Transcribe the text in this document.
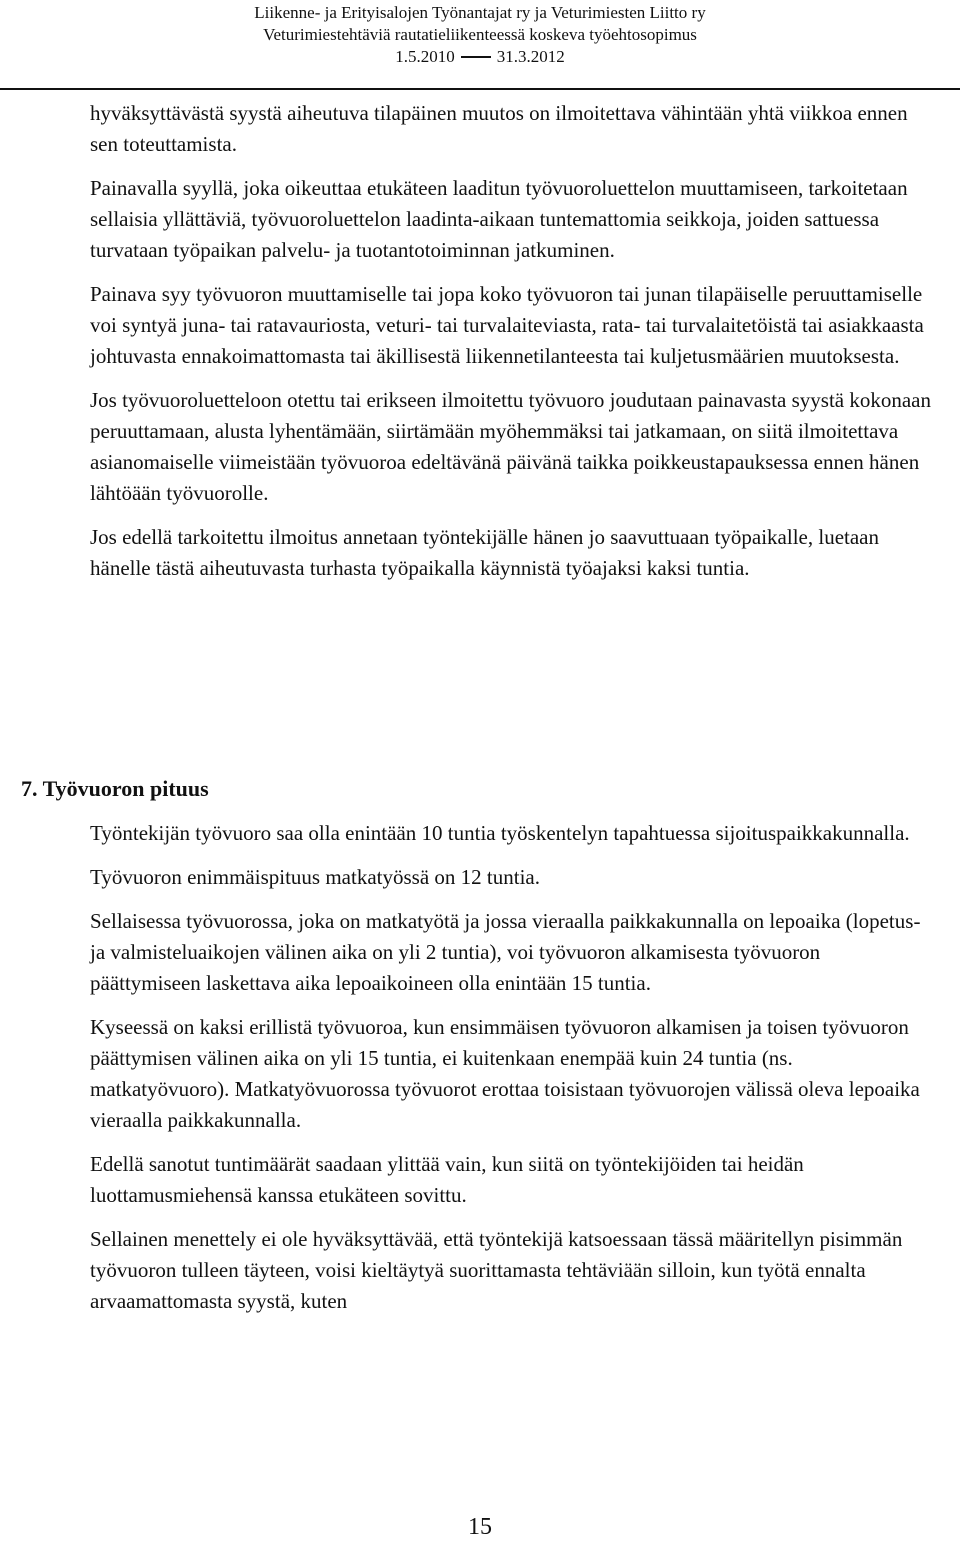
Liikenne- ja Erityisalojen Työnantajat ry ja Veturimiesten Liitto ry
Veturimiestehtäviä rautatieliikenteessä koskeva työehtosopimus
1.5.2010 31.3.2012

hyväksyttävästä syystä aiheutuva tilapäinen muutos on ilmoitettava vähintään yhtä viikkoa ennen sen toteuttamista.

Painavalla syyllä, joka oikeuttaa etukäteen laaditun työvuoroluettelon muuttamiseen, tarkoitetaan sellaisia yllättäviä, työvuoroluettelon laadinta-aikaan tuntemattomia seikkoja, joiden sattuessa turvataan työpaikan palvelu- ja tuotantotoiminnan jatkuminen.

Painava syy työvuoron muuttamiselle tai jopa koko työvuoron tai junan tilapäiselle peruuttamiselle voi syntyä juna- tai ratavauriosta, veturi- tai turvalaiteviasta, rata- tai turvalaitetöistä tai asiakkaasta johtuvasta ennakoimattomasta tai äkillisestä liikennetilanteesta tai kuljetusmäärien muutoksesta.

Jos työvuoroluetteloon otettu tai erikseen ilmoitettu työvuoro joudutaan painavasta syystä kokonaan peruuttamaan, alusta lyhentämään, siirtämään myöhemmäksi tai jatkamaan, on siitä ilmoitettava asianomaiselle viimeistään työvuoroa edeltävänä päivänä taikka poikkeustapauksessa ennen hänen lähtöään työvuorolle.

Jos edellä tarkoitettu ilmoitus annetaan työntekijälle hänen jo saavuttuaan työpaikalle, luetaan hänelle tästä aiheutuvasta turhasta työpaikalla käynnistä työajaksi kaksi tuntia.

7. Työvuoron pituus

Työntekijän työvuoro saa olla enintään 10 tuntia työskentelyn tapahtuessa sijoituspaikkakunnalla.

Työvuoron enimmäispituus matkatyössä on 12 tuntia.

Sellaisessa työvuorossa, joka on matkatyötä ja jossa vieraalla paikkakunnalla on lepoaika (lopetus- ja valmisteluaikojen välinen aika on yli 2 tuntia), voi työvuoron alkamisesta työvuoron päättymiseen laskettava aika lepoaikoineen olla enintään 15 tuntia.

Kyseessä on kaksi erillistä työvuoroa, kun ensimmäisen työvuoron alkamisen ja toisen työvuoron päättymisen välinen aika on yli 15 tuntia, ei kuitenkaan enempää kuin 24 tuntia (ns. matkatyövuoro). Matkatyövuorossa työvuorot erottaa toisistaan työvuorojen välissä oleva lepoaika vieraalla paikkakunnalla.

Edellä sanotut tuntimäärät saadaan ylittää vain, kun siitä on työntekijöiden tai heidän luottamusmiehensä kanssa etukäteen sovittu.

Sellainen menettely ei ole hyväksyttävää, että työntekijä katsoessaan tässä määritellyn pisimmän työvuoron tulleen täyteen, voisi kieltäytyä suorittamasta tehtäviään silloin, kun työtä ennalta arvaamattomasta syystä, kuten

15
